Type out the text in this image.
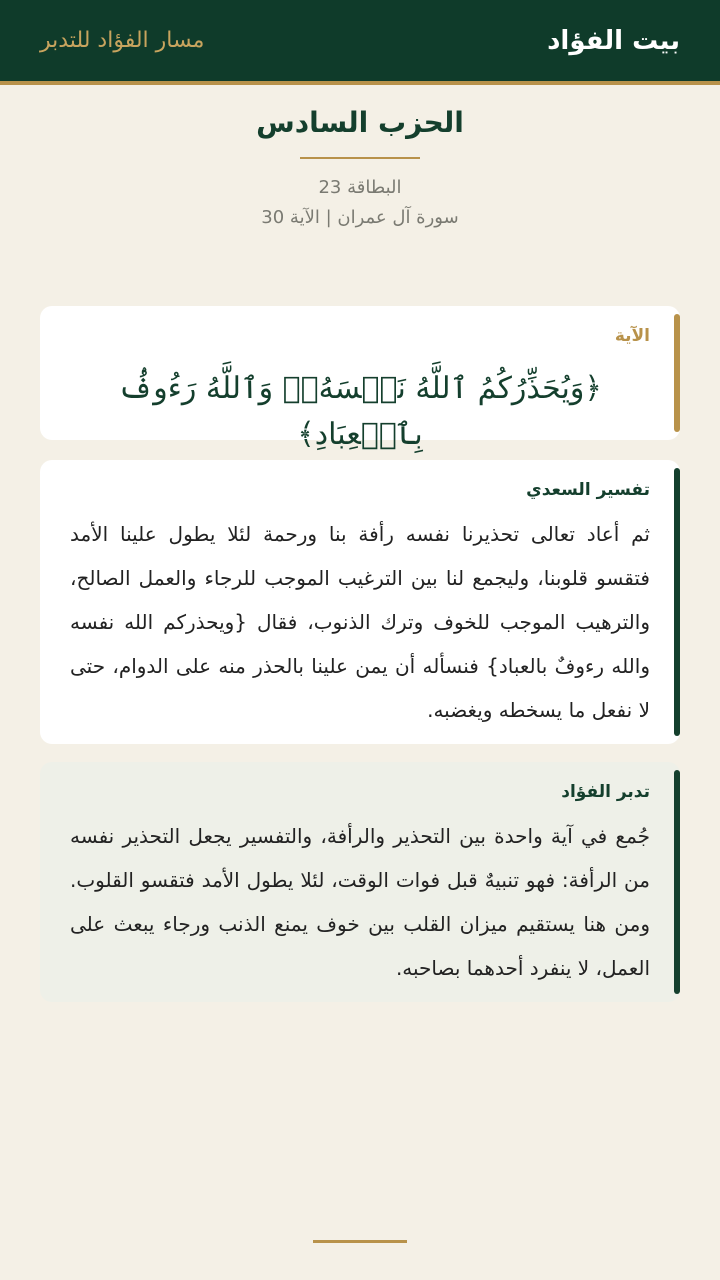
بيت الفؤاد
مسار الفؤاد للتدبر
الحزب السادس
البطاقة 23
سورة آل عمران | الآية 30
الآية
﴿وَيُحَذِّرُكُمُ ٱللَّهُ نَفۡسَهُۥۗ وَٱللَّهُ رَءُوفُۢ بِٱلۡعِبَادِ﴾
تفسير السعدي

ثم أعاد تعالى تحذيرنا نفسه رأفة بنا ورحمة لئلا يطول علينا الأمد فتقسو قلوبنا، وليجمع لنا بين الترغيب الموجب للرجاء والعمل الصالح، والترهيب الموجب للخوف وترك الذنوب، فقال {ويحذركم الله نفسه والله رءوفٌ بالعباد} فنسأله أن يمن علينا بالحذر منه على الدوام، حتى لا نفعل ما يسخطه ويغضبه.

تدبر الفؤاد

جُمع في آية واحدة بين التحذير والرأفة، والتفسير يجعل التحذير نفسه من الرأفة: فهو تنبيهٌ قبل فوات الوقت، لئلا يطول الأمد فتقسو القلوب. ومن هنا يستقيم ميزان القلب بين خوف يمنع الذنب ورجاء يبعث على العمل، لا ينفرد أحدهما بصاحبه.
